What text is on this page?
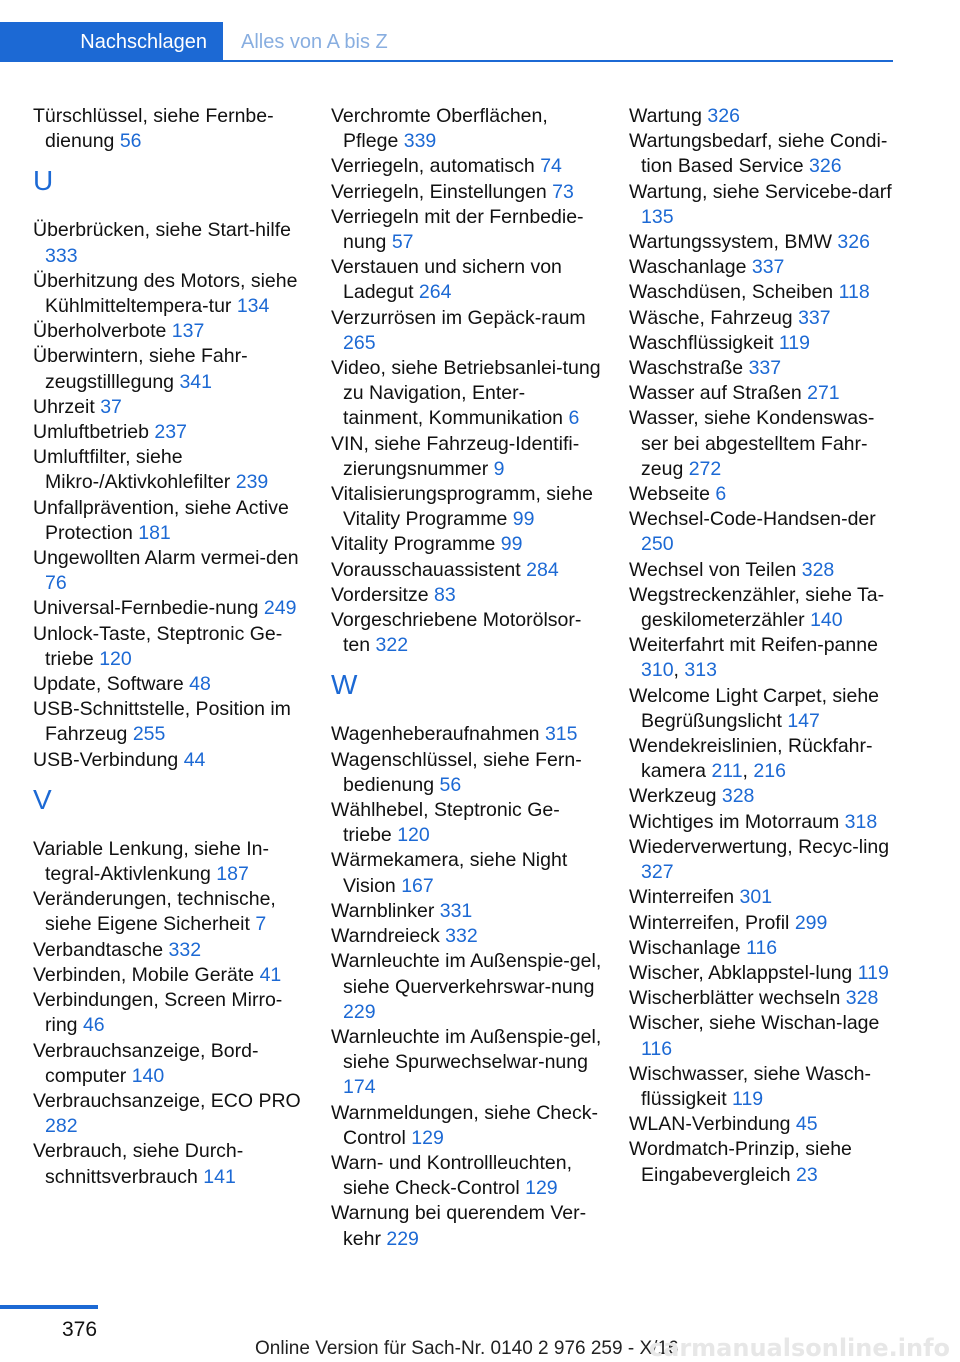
Nachschlagen Alles von A bis Z
Türschlüssel, siehe Fernbe-dienung 56
U
Überbrücken, siehe Start-hilfe 333
Überhitzung des Motors, siehe Kühlmitteltempera-tur 134
Überholverbote 137
Überwintern, siehe Fahr-zeugstilllegung 341
Uhrzeit 37
Umluftbetrieb 237
Umluftfilter, siehe Mikro-/Aktivkohlefilter 239
Unfallprävention, siehe Active Protection 181
Ungewollten Alarm vermei-den 76
Universal-Fernbedie-nung 249
Unlock-Taste, Steptronic Ge-triebe 120
Update, Software 48
USB-Schnittstelle, Position im Fahrzeug 255
USB-Verbindung 44
V
Variable Lenkung, siehe In-tegral-Aktivlenkung 187
Veränderungen, technische, siehe Eigene Sicherheit 7
Verbandtasche 332
Verbinden, Mobile Geräte 41
Verbindungen, Screen Mirro-ring 46
Verbrauchsanzeige, Bord-computer 140
Verbrauchsanzeige, ECO PRO 282
Verbrauch, siehe Durch-schnittsverbrauch 141
Verchromte Oberflächen, Pflege 339
Verriegeln, automatisch 74
Verriegeln, Einstellungen 73
Verriegeln mit der Fernbedie-nung 57
Verstauen und sichern von Ladegut 264
Verzurrösen im Gepäck-raum 265
Video, siehe Betriebsanlei-tung zu Navigation, Enter-tainment, Kommunikation 6
VIN, siehe Fahrzeug-Identifi-zierungsnummer 9
Vitalisierungsprogramm, siehe Vitality Programme 99
Vitality Programme 99
Vorausschauassistent 284
Vordersitze 83
Vorgeschriebene Motorölsor-ten 322
W
Wagenheberaufnahmen 315
Wagenschlüssel, siehe Fern-bedienung 56
Wählhebel, Steptronic Ge-triebe 120
Wärmekamera, siehe Night Vision 167
Warnblinker 331
Warndreieck 332
Warnleuchte im Außenspie-gel, siehe Querverkehrswar-nung 229
Warnleuchte im Außenspie-gel, siehe Spurwechselwar-nung 174
Warnmeldungen, siehe Check-Control 129
Warn- und Kontrollleuchten, siehe Check-Control 129
Warnung bei querendem Ver-kehr 229
Wartung 326
Wartungsbedarf, siehe Condi-tion Based Service 326
Wartung, siehe Servicebe-darf 135
Wartungssystem, BMW 326
Waschanlage 337
Waschdüsen, Scheiben 118
Wäsche, Fahrzeug 337
Waschflüssigkeit 119
Waschstraße 337
Wasser auf Straßen 271
Wasser, siehe Kondenswas-ser bei abgestelltem Fahr-zeug 272
Webseite 6
Wechsel-Code-Handsen-der 250
Wechsel von Teilen 328
Wegstreckenzähler, siehe Ta-geskilometerzähler 140
Weiterfahrt mit Reifen-panne 310, 313
Welcome Light Carpet, siehe Begrüßungslicht 147
Wendekreislinien, Rückfahr-kamera 211, 216
Werkzeug 328
Wichtiges im Motorraum 318
Wiederverwertung, Recyc-ling 327
Winterreifen 301
Winterreifen, Profil 299
Wischanlage 116
Wischer, Abklappstel-lung 119
Wischerblätter wechseln 328
Wischer, siehe Wischan-lage 116
Wischwasser, siehe Wasch-flüssigkeit 119
WLAN-Verbindung 45
Wordmatch-Prinzip, siehe Eingabevergleich 23
376
Online Version für Sach-Nr. 0140 2 976 259 - X/16
carmanualsonline.info
